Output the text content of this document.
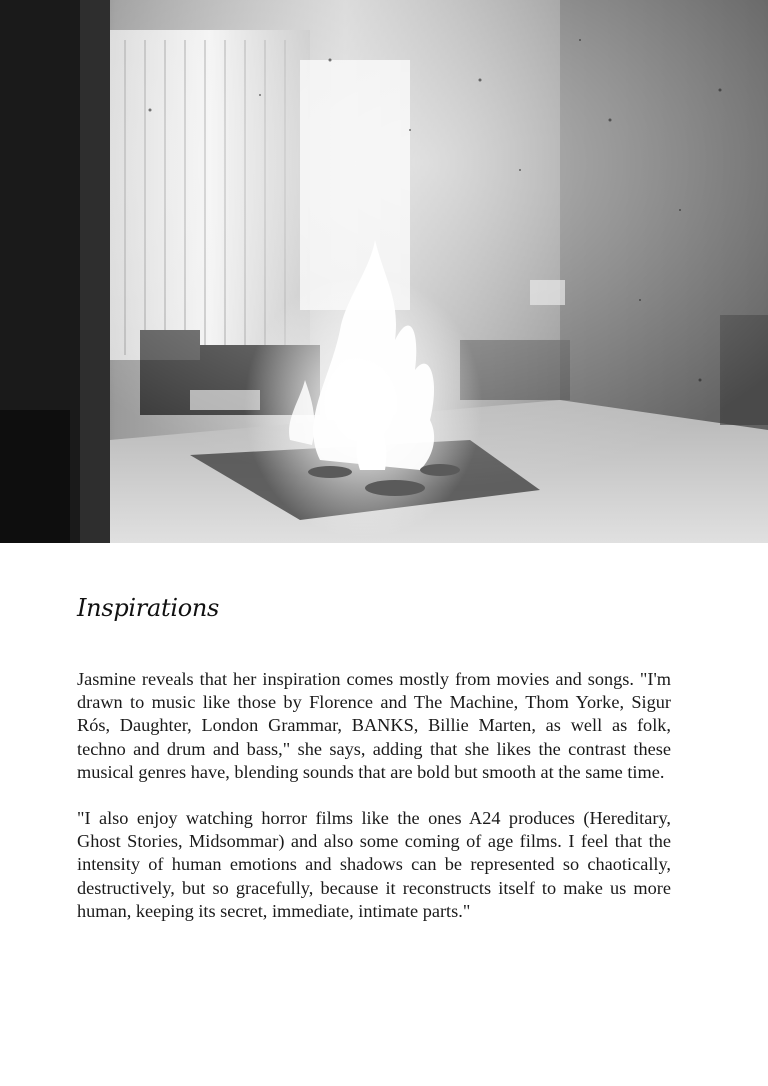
Inspirations

Jasmine reveals that her inspiration comes mostly from movies and songs. "I'm drawn to music like those by Florence and The Machine, Thom Yorke, Sigur Rós, Daughter, London Grammar, BANKS, Billie Marten, as well as folk, techno and drum and bass," she says, adding that she likes the contrast these musical genres have, blending sounds that are bold but smooth at the same time.

"I also enjoy watching horror films like the ones A24 produces (Hereditary, Ghost Stories, Midsommar) and also some coming of age films. I feel that the intensity of human emotions and shadows can be represented so chaotically, destructively, but so gracefully, because it reconstructs itself to make us more human, keeping its secret, immediate, intimate parts."
